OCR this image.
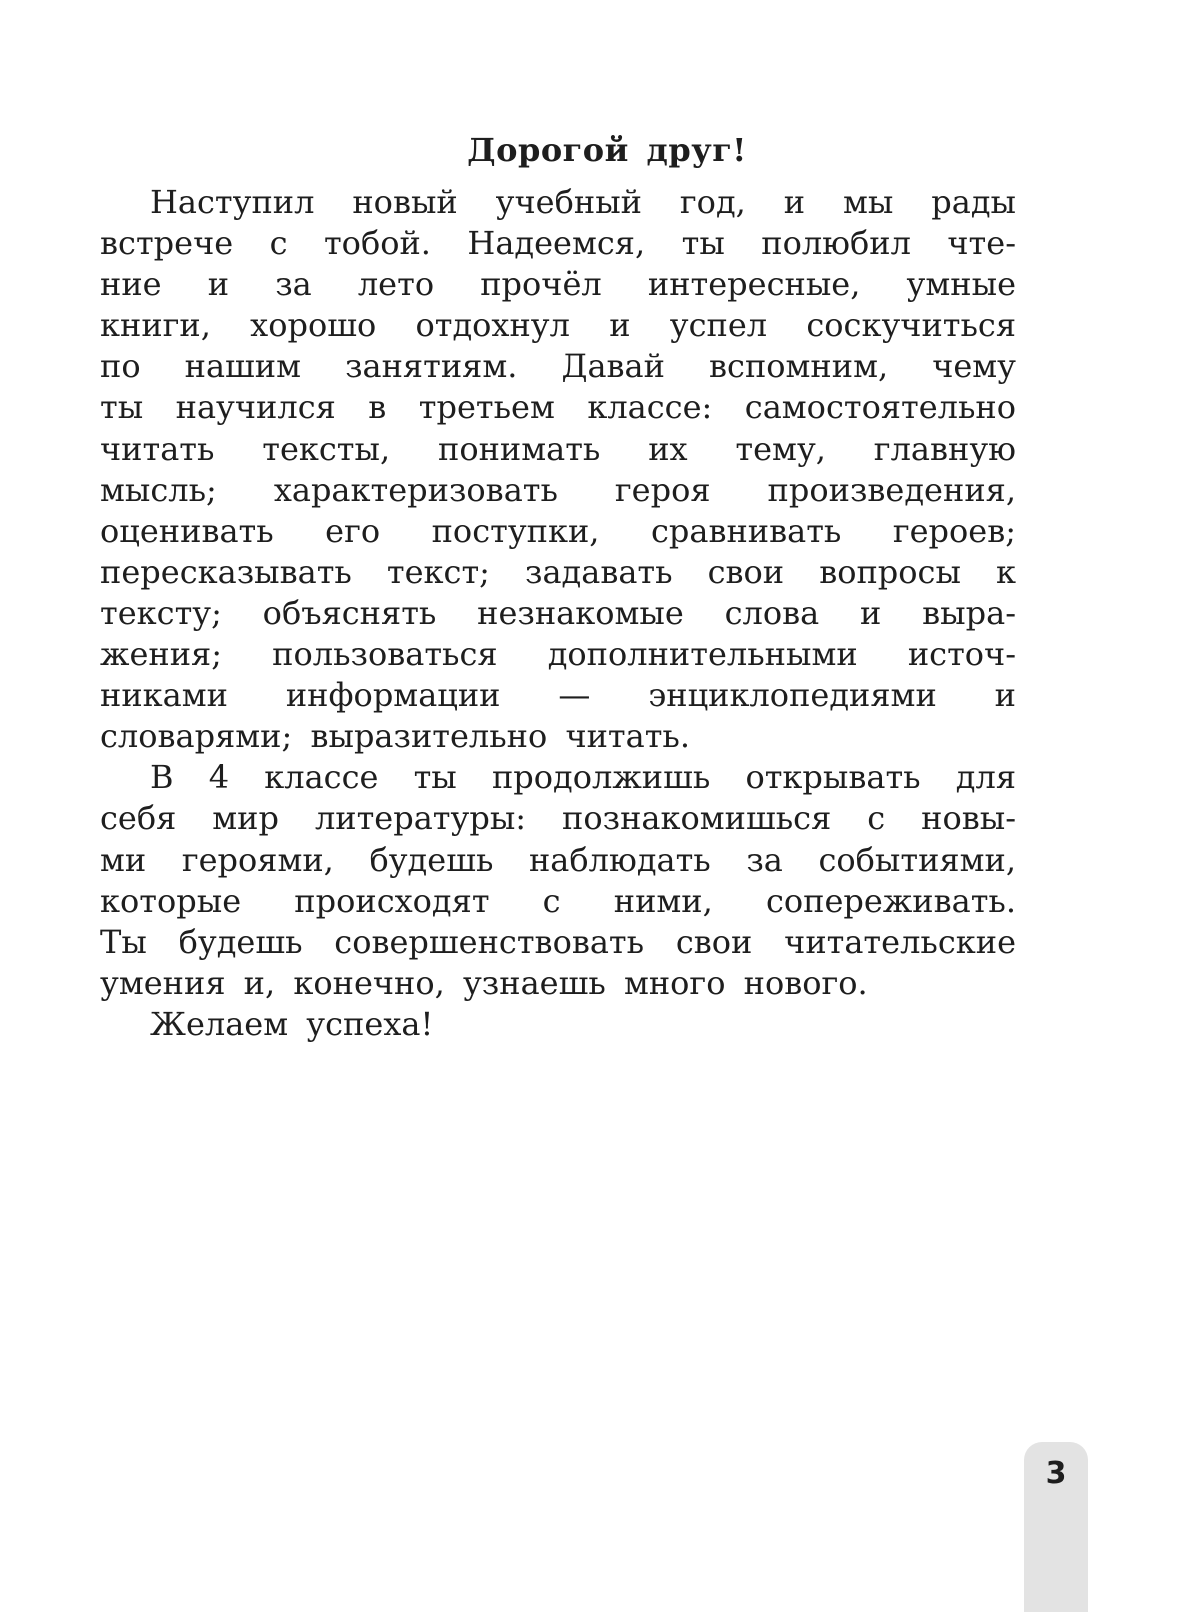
Дорогой друг!
Наступил новый учебный год, и мы рады
встрече с тобой. Надеемся, ты полюбил чте-
ние и за лето прочёл интересные, умные
книги, хорошо отдохнул и успел соскучиться
по нашим занятиям. Давай вспомним, чему
ты научился в третьем классе: самостоятельно
читать тексты, понимать их тему, главную
мысль; характеризовать героя произведения,
оценивать его поступки, сравнивать героев;
пересказывать текст; задавать свои вопросы к
тексту; объяснять незнакомые слова и выра-
жения; пользоваться дополнительными источ-
никами информации — энциклопедиями и
словарями; выразительно читать.
В 4 классе ты продолжишь открывать для
себя мир литературы: познакомишься с новы-
ми героями, будешь наблюдать за событиями,
которые происходят с ними, сопереживать.
Ты будешь совершенствовать свои читательские
умения и, конечно, узнаешь много нового.
Желаем успеха!
3
